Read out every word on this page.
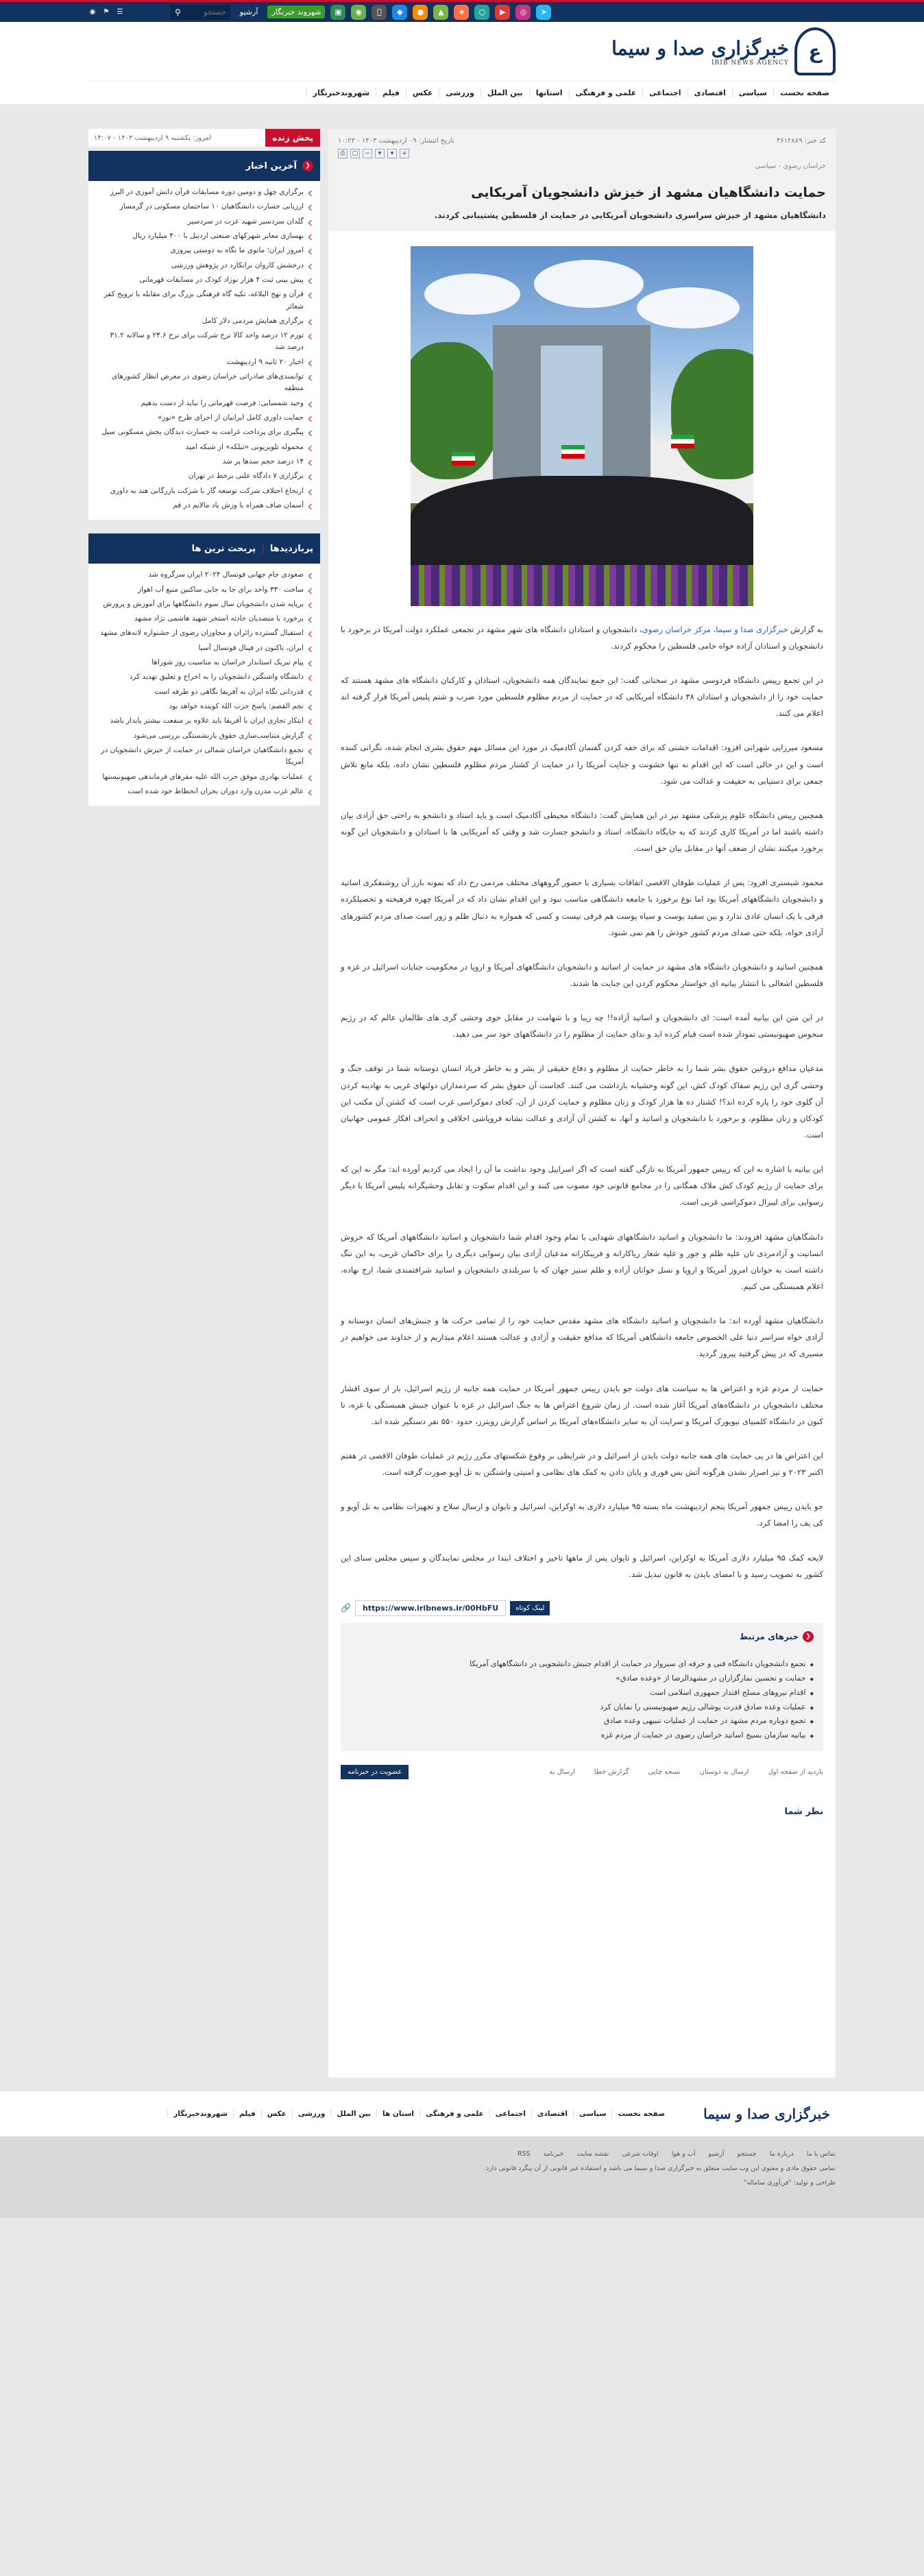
◉ ⚑ ☰	⚲
جستجو	آرشیو	شهروند خبرنگار	▣	◉	◆	●	▲	★	○	▶	◎	➤
ع
خبرگزاری صدا و سیما
IRIB NEWS AGENCY
صفحه نخست
سیاسی
اقتصادی
اجتماعی
علمی و فرهنگی
استانها
بین الملل
ورزشی
عکس
فیلم
شهروندخبرنگار
کد خبر: ۴۶۱۲۸۸۹
تاریخ انتشار: ۰۹ اردیبهشت ۱۴۰۳ - ۱۰:۲۳
⎙	▢	−	▾	▾	+
خراسان رضوی - سیاسی
حمایت دانشگاهیان مشهد از خیزش دانشجویان آمریکایی
دانشگاهیان مشهد از خیزش سراسری دانشجویان آمریکایی در حمایت از فلسطین پشتیبانی کردند.

به گزارش خبرگزاری صدا و سیما، مرکز خراسان رضوی، دانشجویان و استادان دانشگاه های شهر مشهد در تجمعی عملکرد دولت آمریکا در برخورد با دانشجویان و استادان آزاده خواه حامی فلسطین را محکوم کردند.

در این تجمع رییس دانشگاه فردوسی مشهد در سخنانی گفت: این جمع نمایندگان همه دانشجویان، استادان و کارکنان دانشگاه های مشهد هستند که حمایت خود را از دانشجویان و استادان ۳۸ دانشگاه آمریکایی که در حمایت از مردم مظلوم فلسطین مورد ضرب و شتم پلیس آمریکا قرار گرفته اند اعلام می کنند.

مسعود میرزایی شهرابی افزود: اقدامات خشنی که برای خفه کردن گفتمان آکادمیک در مورد این مسائل مهم حقوق بشری انجام شده، نگرانی کننده است و این در حالی است که این اقدام نه تنها خشونت و جنایت آمریکا را در حمایت از کشتار مردم مظلوم فلسطین نشان داده، بلکه مانع تلاش جمعی برای دستیابی به حقیقت و عدالت می شود.

همچنین رییس دانشگاه علوم پزشکی مشهد نیز در این همایش گفت: دانشگاه محیطی آکادمیک است و باید استاد و دانشجو به راحتی حق آزادی بیان داشته باشند اما در آمریکا کاری کردند که به جایگاه دانشگاه، استاد و دانشجو جسارت شد و وقتی که آمریکایی ها با استادان و دانشجویان این گونه برخورد میکنند نشان از ضعف آنها در مقابل بیان حق است.

محمود شبستری افزود: پس از عملیات طوفان الاقصی اتفاقات بسیاری با حضور گروههای مختلف مردمی رخ داد که نمونه بارز آن روشنفکری اساتید و دانشجویان دانشگاههای آمریکا بود اما نوع برخورد با جامعه دانشگاهی مناسب نبود و این اقدام نشان داد که در آمریکا چهره فرهیخته و تحصیلکرده فرقی با یک انسان عادی ندارد و بین سفید پوست و سیاه پوست هم فرقی نیست و کسی که همواره به دنبال ظلم و زور است صدای مردم کشورهای آزادی خواه، بلکه حتی صدای مردم کشور خودش را هم نمی شنود.

همچنین اساتید و دانشجویان دانشگاه های مشهد در حمایت از اساتید و دانشجویان دانشگاههای آمریکا و اروپا در محکومیت جنایات اسرائیل در غزه و فلسطین اشغالی با انتشار بیانیه ای خواستار محکوم کردن این جنایت ها شدند.

در این متن این بیانیه آمده است: ای دانشجویان و اساتید آزاده‌!! چه زیبا و با شهامت در مقابل خوی وحشی گری های ظالمان عالم که در رژیم منحوس صهیونیستی نمودار شده است قیام کرده اید و ندای حمایت از مظلوم را در دانشگاههای خود سر می دهید.

مدعیان مدافع دروغین حقوق بشر شما را به خاطر حمایت از مظلوم و دفاع حقیقی از بشر و به خاطر فریاد انسان دوستانه شما در توقف جنگ و وحشی گری این رژیم سفاک کودک کش، این گونه وحشیانه بازداشت می کنند. کجاست آن حقوق بشر که سردمداران دولتهای غربی به نهادینه کردن آن گلوی خود را پاره کرده اند؟! کشتار ده ها هزار کودک و زنان مظلوم و حمایت کردن از آن، کجای دموکراسی غرب است که کشتن آن مکتب این کودکان و زنان مظلوم، و برخورد با دانشجویان و اساتید و آنها، نه کشتن آن آزادی و عدالت نشانه فروپاشی اخلاقی و انحراف افکار عمومی جهانیان است.

این بیانیه با اشاره به این که رییس جمهور آمریکا به تازگی گفته است که اگر اسراییل وجود نداشت ما آن را ایجاد می کردیم آورده اند: مگر نه این که برای حمایت از رژیم کودک کش ملاک همگانی را در مجامع قانونی خود مصوب می کنند و این اقدام سکوت و تقابل وحشیگرانه پلیس آمریکا با دیگر رسوایی برای لیبرال دموکراسی غربی است.

دانشگاهیان مشهد افزودند: ما دانشجویان و اساتید دانشگاههای شهدایی با تمام وجود اقدام شما دانشجویان و اساتید دانشگاههای آمریکا که خروش انسانیت و آزادمردی تان علیه ظلم و جور و علیه شعار ریاکارانه و فریبکارانه مدعیان آزادی بیان رسوایی دیگری را برای حاکمان غربی، به این ننگ داشته است به جوانان امروز آمریکا و اروپا و نسل جوانان آزاده و ظلم ستیز جهان که با سربلندی دانشجویان و اساتید شرافتمندی شما، ارج نهاده، اعلام همبستگی می کنیم.

دانشگاهیان مشهد آورده اند: ما دانشجویان و اساتید دانشگاه های مشهد مقدس حمایت خود را از تمامی حرکت ها و جنبش‌های انسان دوستانه و آزادی خواه سراسر دنیا علی الخصوص جامعه دانشگاهی آمریکا که مدافع حقیقت و آزادی و عدالت هستند اعلام میداریم و از خداوند می خواهیم در مسیری که در پیش گرفتید پیروز گردید.

حمایت از مردم غزه و اعتراض ها به سیاست های دولت جو بایدن رییس جمهور آمریکا در حمایت همه جانبه از رژیم اسرائیل، بار از سوی اقشار مختلف دانشجویان در دانشگاه‌های آمریکا آغاز شده است. از زمان شروع اعتراض ها به جنگ اسرائیل در غزه با عنوان جنبش همبستگی با غزه، تا کنون در دانشگاه کلمبیای نیویورک آمریکا و سرایت آن به سایر دانشگاه‌های آمریکا بر اساس گزارش رویترز، حدود ۵۵۰ نفر دستگیر شده اند.

این اعتراض ها در پی حمایت های همه جانبه دولت بایدن از اسرائیل و در شرایطی بر وقوع شکستهای مکرر رژیم در عملیات طوفان الاقصی در هفتم اکتبر ۲۰۲۳ و نیز اصرار نشدن هرگونه آتش بس فوری و پایان دادن به کمک های نظامی و امنیتی واشنگتن به تل آویو صورت گرفته است.

جو بایدن رییس جمهور آمریکا پنجم اردیبهشت ماه بسته ۹۵ میلیارد دلاری به اوکراین، اسرائیل و تایوان و ارسال سلاح و تجهیزات نظامی به تل آویو و کی یف را امضا کرد.

لایحه کمک ۹۵ میلیارد دلاری آمریکا به اوکراین، اسرائیل و تایوان پس از ماهها تاخیر و اختلاف ابتدا در مجلس نمایندگان و سپس مجلس سنای این کشور به تصویب رسید و با امضای بایدن به قانون تبدیل شد.

🔗	https://www.iribnews.ir/00HbFU	لینک کوتاه
❮
خبرهای مرتبط
◆ تجمع دانشجویان دانشگاه فنی و حرفه ای سبزوار در حمایت از اقدام جنبش دانشجویی در دانشگاههای آمریکا
◆ حمایت و تحسین نمازگزاران در مشهدالرضا از «وعده صادق»
◆ اقدام نیروهای مسلح اقتدار جمهوری اسلامی است
◆ عملیات وعده صادق قدرت پوشالی رژیم صهیونیستی را نمایان کرد
◆ تجمع دوباره مردم مشهد در حمایت از عملیات تنبیهی وعده صادق
◆ بیانیه سازمان بسیج اساتید خراسان رضوی در حمایت از مردم غزه
بازدید از صفحه اول
ارسال به دوستان
نسخه چاپی
گزارش خطا
ارسال به
عضویت در خبرنامه
نظر شما
پخش زنده
امروز: یکشنبه ۹ اردیبهشت ۱۴۰۳ - ۱۴:۰۷
❮
آخرین اخبار
برگزاری چهل و دومین دوره مسابقات قرآن دانش آموزی در البرز
ارزیابی خسارت دانشگاهیان ۱۰ ساختمان مسکونی در گرمسار
گلدان سردسیر شهید عزت در سردسیر
بهسازی معابر شهرکهای صنعتی اردبیل با ۴۰۰ میلیارد ریال
امروز ایران؛ مانوی ما نگاه به دوستی پیروزی
درخشش کاروان برانکارد در پژوهش ورزشی
پیش بینی ثبت ۴ هزار نوزاد کودک در مسابقات قهرمانی
قرآن و نهج البلاغه، تکیه گاه فرهنگی بزرگ برای مقابله با ترویج کفر شعائر
برگزاری همایش مردمی دلار کامل
تورم ۱۲ درصد واحد کالا نرخ شرکت برای نرخ ۲۳.۶ و سالانه ۳۱.۲ درصد شد
اخبار ۲۰ ثانیه ۹ اردیبهشت
توانمندی‌های صادراتی خراسان رضوی در معرض انظار کشورهای منطقه
وحید شمسایی: فرصت قهرمانی را نباید از دست بدهیم
حمایت داوری کامل ایرانیان از اجرای طرح «نور»
پیگیری برای پرداخت غرامت به خسارت دیدگان بخش مسکونی سیل
محموله تلویزیونی «تبلکه» از شبکه امید
۱۴ درصد حجم سدها پر شد
برگزاری ۷ دادگاه علنی برخط در تهران
ارتجاع اختلاف شرکت توسعه گاز با شرکت بازرگانی هند به داوری
آسمان صاف همراه با وزش باد مالایم در قم
پربازدیدها
|
پربحث ترین ها
صعودی جام جهانی فوتسال ۲۰۲۴ ایران سرگروه شد
ساخت ۳۳۰ واحد برای جا به جایی ساکنین منبع آب اهواز
برپایه شدن دانشجویان سال سوم دانشگاهها برای آموزش و پرورش
برخورد با متصدیان حادثه استخر شهید هاشمی نژاد مشهد
استقبال گسترده زائران و مجاوران رضوی از جشنواره لانه‌های مشهد
ایران، تاکنون در فینال فوتسال آسیا
پیام تبریک استاندار خراسان به مناسبت روز شوراها
دانشگاه واشنگتن دانشجویان را به اخراج و تعلیق تهدید کرد
قدردانی نگاه ایران به آفریقا نگاهی دو طرفه است
نجم القصم: پاسخ حزب الله کوبنده خواهد بود
ابتکار تجاری ایران با آفریقا باید علاوه بر منفعت بیشتر پایدار باشد
گزارش متناسب‌سازی حقوق بازنشستگی بررسی می‌شود
تجمع دانشگاهیان خراسان شمالی در حمایت از خیزش دانشجویان در آمریکا
عملیات بهادری موفق حزب الله علیه مقرهای فرماندهی صهیونیستها
عالم غرب مدرن وارد دوران بحران انحطاط خود شده است
خبرگزاری صدا و سیما
صفحه نخست
سیاسی
اقتصادی
اجتماعی
علمی و فرهنگی
استان ها
بین الملل
ورزشی
عکس
فیلم
شهروندخبرنگار
تماس با ما درباره ما جستجو آرشیو آب و هوا اوقات شرعی نقشه سایت خبرنامه RSS
تمامی حقوق مادی و معنوی این وب سایت متعلق به خبرگزاری صدا و سیما می باشد و استفاده غیر قانونی از آن پیگرد قانونی دارد.
طراحی و تولید: "فن‌آوری ساماله"
